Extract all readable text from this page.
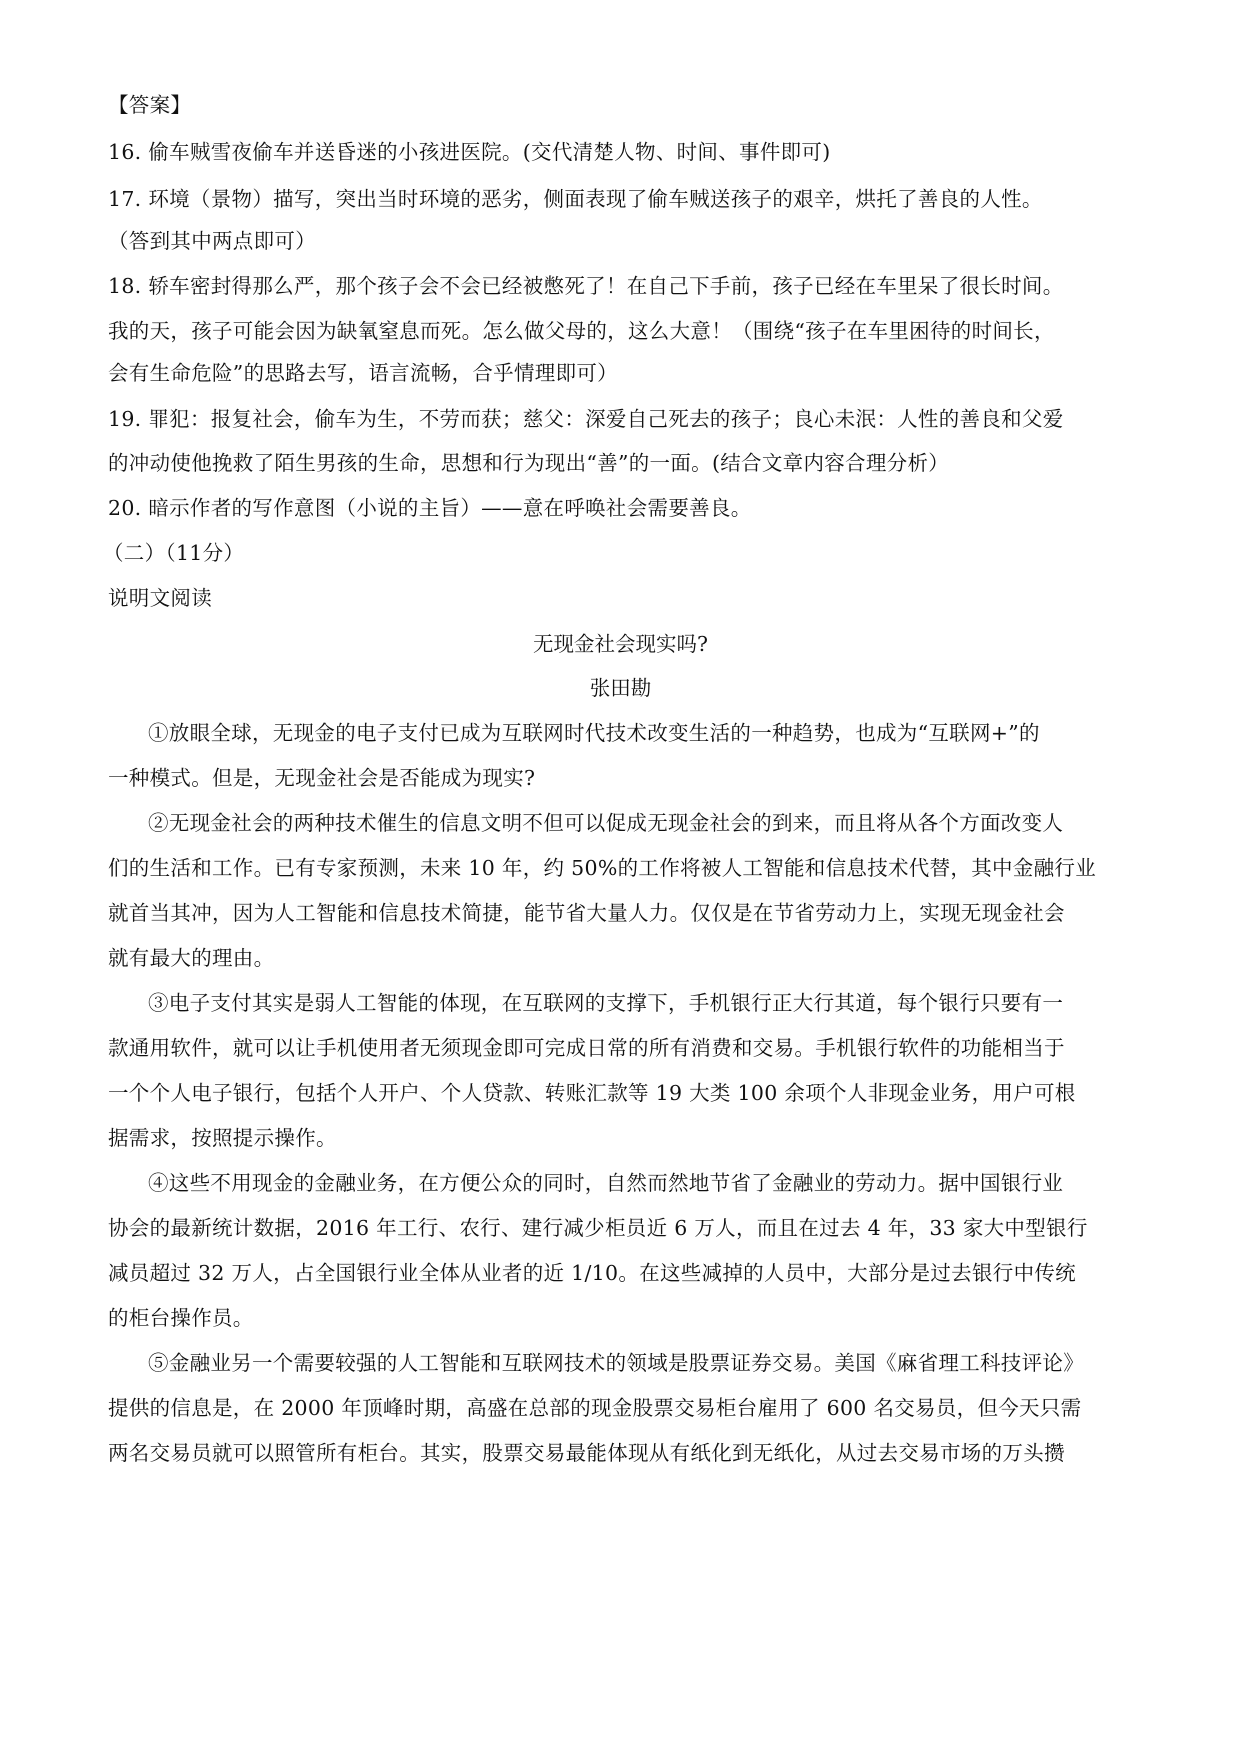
【答案】
16. 偷车贼雪夜偷车并送昏迷的小孩进医院。(交代清楚人物、时间、事件即可)
17. 环境（景物）描写，突出当时环境的恶劣，侧面表现了偷车贼送孩子的艰辛，烘托了善良的人性。
（答到其中两点即可）
18. 轿车密封得那么严，那个孩子会不会已经被憋死了！在自己下手前，孩子已经在车里呆了很长时间。
我的天，孩子可能会因为缺氧窒息而死。怎么做父母的，这么大意！（围绕“孩子在车里困待的时间长，
会有生命危险”的思路去写，语言流畅，合乎情理即可）
19. 罪犯：报复社会，偷车为生，不劳而获；慈父：深爱自己死去的孩子；良心未泯：人性的善良和父爱
的冲动使他挽救了陌生男孩的生命，思想和行为现出“善”的一面。(结合文章内容合理分析）
20. 暗示作者的写作意图（小说的主旨）——意在呼唤社会需要善良。
（二）（11分）
说明文阅读
无现金社会现实吗?
张田勘
①放眼全球，无现金的电子支付已成为互联网时代技术改变生活的一种趋势，也成为“互联网+”的
一种模式。但是，无现金社会是否能成为现实?
②无现金社会的两种技术催生的信息文明不但可以促成无现金社会的到来，而且将从各个方面改变人
们的生活和工作。已有专家预测，未来 10 年，约 50%的工作将被人工智能和信息技术代替，其中金融行业
就首当其冲，因为人工智能和信息技术简捷，能节省大量人力。仅仅是在节省劳动力上，实现无现金社会
就有最大的理由。
③电子支付其实是弱人工智能的体现，在互联网的支撑下，手机银行正大行其道，每个银行只要有一
款通用软件，就可以让手机使用者无须现金即可完成日常的所有消费和交易。手机银行软件的功能相当于
一个个人电子银行，包括个人开户、个人贷款、转账汇款等 19 大类 100 余项个人非现金业务，用户可根
据需求，按照提示操作。
④这些不用现金的金融业务，在方便公众的同时，自然而然地节省了金融业的劳动力。据中国银行业
协会的最新统计数据，2016 年工行、农行、建行减少柜员近 6 万人，而且在过去 4 年，33 家大中型银行
减员超过 32 万人，占全国银行业全体从业者的近 1/10。在这些减掉的人员中，大部分是过去银行中传统
的柜台操作员。
⑤金融业另一个需要较强的人工智能和互联网技术的领域是股票证券交易。美国《麻省理工科技评论》
提供的信息是，在 2000 年顶峰时期，高盛在总部的现金股票交易柜台雇用了 600 名交易员，但今天只需
两名交易员就可以照管所有柜台。其实，股票交易最能体现从有纸化到无纸化，从过去交易市场的万头攒
